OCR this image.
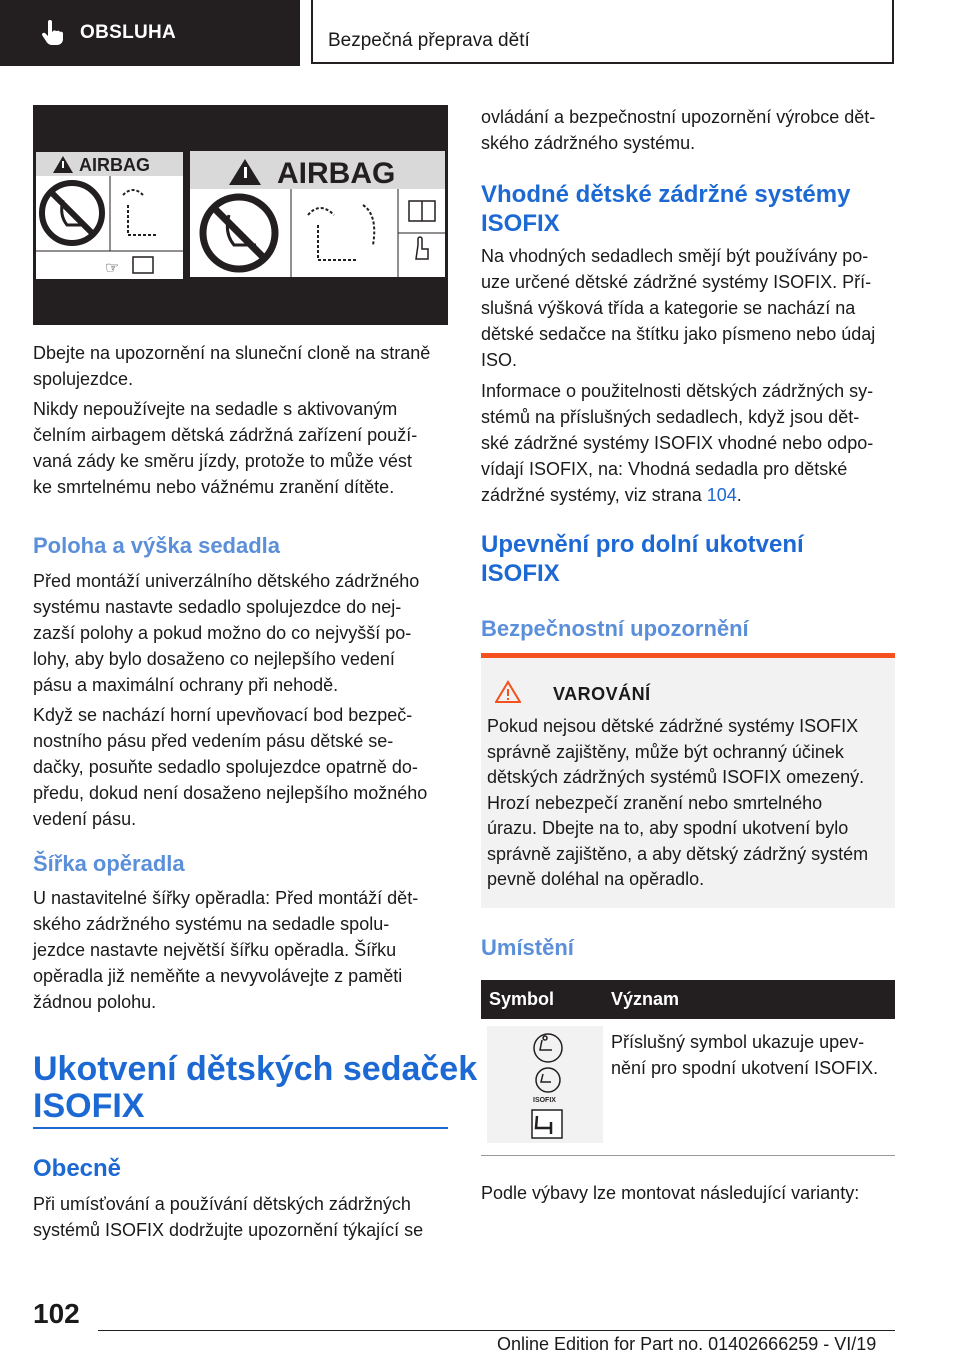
OBSLUHA	Bezpečná přeprava dětí
AIRBAG
☞
AIRBAG

Dbejte na upozornění na sluneční cloně na straně spolujezdce.

Nikdy nepoužívejte na sedadle s aktivovaným

čelním airbagem dětská zádržná zařízení použí‐

vaná zády ke směru jízdy, protože to může vést

ke smrtelnému nebo vážnému zranění dítěte.

Poloha a výška sedadla

Před montáží univerzálního dětského zádržného

systému nastavte sedadlo spolujezdce do nej‐

zazší polohy a pokud možno do co nejvyšší po‐

lohy, aby bylo dosaženo co nejlepšího vedení

pásu a maximální ochrany při nehodě.

Když se nachází horní upevňovací bod bezpeč‐

nostního pásu před vedením pásu dětské se‐

dačky, posuňte sedadlo spolujezdce opatrně do‐

předu, dokud není dosaženo nejlepšího možného

vedení pásu.

Šířka opěradla

U nastavitelné šířky opěradla: Před montáží dět‐

ského zádržného systému na sedadle spolu‐

jezdce nastavte největší šířku opěradla. Šířku

opěradla již neměňte a nevyvolávejte z paměti

žádnou polohu.

Ukotvení dětských sedaček
ISOFIX
Obecně

Při umísťování a používání dětských zádržných

systémů ISOFIX dodržujte upozornění týkající se

ovládání a bezpečnostní upozornění výrobce dět‐

ského zádržného systému.

Vhodné dětské zádržné systémy
ISOFIX

Na vhodných sedadlech smějí být používány po‐

uze určené dětské zádržné systémy ISOFIX. Pří‐

slušná výšková třída a kategorie se nachází na

dětské sedačce na štítku jako písmeno nebo údaj

ISO.

Informace o použitelnosti dětských zádržných sy‐

stémů na příslušných sedadlech, když jsou dět‐

ské zádržné systémy ISOFIX vhodné nebo odpo‐

vídají ISOFIX, na: Vhodná sedadla pro dětské

zádržné systémy, viz strana 104.

Upevnění pro dolní ukotvení
ISOFIX
Bezpečnostní upozornění
VAROVÁNÍ
Pokud nejsou dětské zádržné systémy ISOFIX
správně zajištěny, může být ochranný účinek
dětských zádržných systémů ISOFIX omezený.
Hrozí nebezpečí zranění nebo smrtelného
úrazu. Dbejte na to, aby spodní ukotvení bylo
správně zajištěno, a aby dětský zádržný systém
pevně doléhal na opěradlo.
Umístění
Symbol	Význam
ISOFIX

Příslušný symbol ukazuje upev‐

nění pro spodní ukotvení ISOFIX.

Podle výbavy lze montovat následující varianty:

102
Online Edition for Part no. 01402666259 - VI/19
